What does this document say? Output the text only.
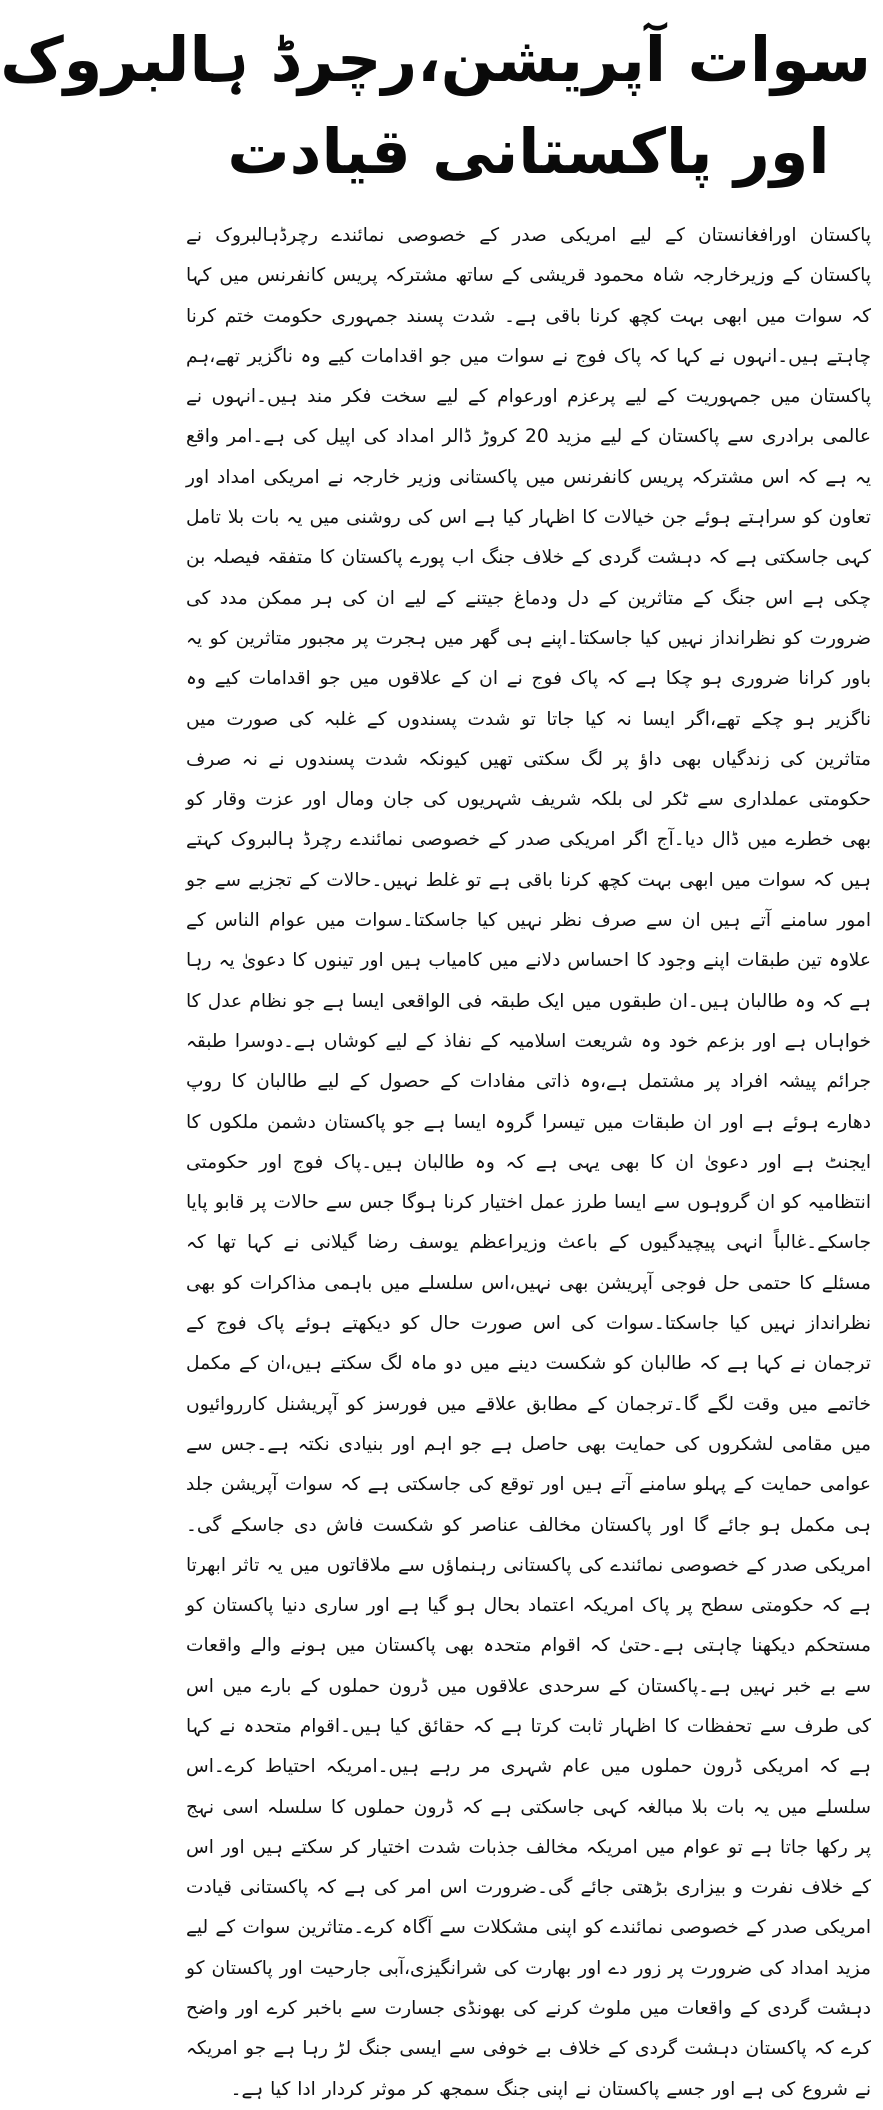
سوات آپریشن،رچرڈ ہالبروک
اور پاکستانی قیادت

پاکستان اورافغانستان کے لیے امریکی صدر کے خصوصی نمائندے رچرڈہالبروک نے پاکستان کے وزیرخارجہ شاہ محمود قریشی کے ساتھ مشترکہ پریس کانفرنس میں کہا کہ سوات میں ابھی بہت کچھ کرنا باقی ہے۔ شدت پسند جمہوری حکومت ختم کرنا چاہتے ہیں۔انہوں نے کہا کہ پاک فوج نے سوات میں جو اقدامات کیے وہ ناگزیر تھے،ہم پاکستان میں جمہوریت کے لیے پرعزم اورعوام کے لیے سخت فکر مند ہیں۔انہوں نے عالمی برادری سے پاکستان کے لیے مزید 20 کروڑ ڈالر امداد کی اپیل کی ہے۔امر واقع یہ ہے کہ اس مشترکہ پریس کانفرنس میں پاکستانی وزیر خارجہ نے امریکی امداد اور تعاون کو سراہتے ہوئے جن خیالات کا اظہار کیا ہے اس کی روشنی میں یہ بات بلا تامل کہی جاسکتی ہے کہ دہشت گردی کے خلاف جنگ اب پورے پاکستان کا متفقہ فیصلہ بن چکی ہے اس جنگ کے متاثرین کے دل ودماغ جیتنے کے لیے ان کی ہر ممکن مدد کی ضرورت کو نظرانداز نہیں کیا جاسکتا۔اپنے ہی گھر میں ہجرت پر مجبور متاثرین کو یہ باور کرانا ضروری ہو چکا ہے کہ پاک فوج نے ان کے علاقوں میں جو اقدامات کیے وہ ناگزیر ہو چکے تھے،اگر ایسا نہ کیا جاتا تو شدت پسندوں کے غلبہ کی صورت میں متاثرین کی زندگیاں بھی داؤ پر لگ سکتی تھیں کیونکہ شدت پسندوں نے نہ صرف حکومتی عملداری سے ٹکر لی بلکہ شریف شہریوں کی جان ومال اور عزت وقار کو بھی خطرے میں ڈال دیا۔آج اگر امریکی صدر کے خصوصی نمائندے رچرڈ ہالبروک کہتے ہیں کہ سوات میں ابھی بہت کچھ کرنا باقی ہے تو غلط نہیں۔حالات کے تجزیے سے جو امور سامنے آتے ہیں ان سے صرف نظر نہیں کیا جاسکتا۔سوات میں عوام الناس کے علاوہ تین طبقات اپنے وجود کا احساس دلانے میں کامیاب ہیں اور تینوں کا دعویٰ یہ رہا ہے کہ وہ طالبان ہیں۔ان طبقوں میں ایک طبقہ فی الواقعی ایسا ہے جو نظام عدل کا خواہاں ہے اور بزعم خود وہ شریعت اسلامیہ کے نفاذ کے لیے کوشاں ہے۔دوسرا طبقہ جرائم پیشہ افراد پر مشتمل ہے،وہ ذاتی مفادات کے حصول کے لیے طالبان کا روپ دھارے ہوئے ہے اور ان طبقات میں تیسرا گروہ ایسا ہے جو پاکستان دشمن ملکوں کا ایجنٹ ہے اور دعویٰ ان کا بھی یہی ہے کہ وہ طالبان ہیں۔پاک فوج اور حکومتی انتظامیہ کو ان گروہوں سے ایسا طرز عمل اختیار کرنا ہوگا جس سے حالات پر قابو پایا جاسکے۔غالباً انہی پیچیدگیوں کے باعث وزیراعظم یوسف رضا گیلانی نے کہا تھا کہ مسئلے کا حتمی حل فوجی آپریشن بھی نہیں،اس سلسلے میں باہمی مذاکرات کو بھی نظرانداز نہیں کیا جاسکتا۔سوات کی اس صورت حال کو دیکھتے ہوئے پاک فوج کے ترجمان نے کہا ہے کہ طالبان کو شکست دینے میں دو ماہ لگ سکتے ہیں،ان کے مکمل خاتمے میں وقت لگے گا۔ترجمان کے مطابق علاقے میں فورسز کو آپریشنل کارروائیوں میں مقامی لشکروں کی حمایت بھی حاصل ہے جو اہم اور بنیادی نکتہ ہے۔جس سے عوامی حمایت کے پہلو سامنے آتے ہیں اور توقع کی جاسکتی ہے کہ سوات آپریشن جلد ہی مکمل ہو جائے گا اور پاکستان مخالف عناصر کو شکست فاش دی جاسکے گی۔امریکی صدر کے خصوصی نمائندے کی پاکستانی رہنماؤں سے ملاقاتوں میں یہ تاثر ابھرتا ہے کہ حکومتی سطح پر پاک امریکہ اعتماد بحال ہو گیا ہے اور ساری دنیا پاکستان کو مستحکم دیکھنا چاہتی ہے۔حتیٰ کہ اقوام متحدہ بھی پاکستان میں ہونے والے واقعات سے بے خبر نہیں ہے۔پاکستان کے سرحدی علاقوں میں ڈرون حملوں کے بارے میں اس کی طرف سے تحفظات کا اظہار ثابت کرتا ہے کہ حقائق کیا ہیں۔اقوام متحدہ نے کہا ہے کہ امریکی ڈرون حملوں میں عام شہری مر رہے ہیں۔امریکہ احتیاط کرے۔اس سلسلے میں یہ بات بلا مبالغہ کہی جاسکتی ہے کہ ڈرون حملوں کا سلسلہ اسی نہج پر رکھا جاتا ہے تو عوام میں امریکہ مخالف جذبات شدت اختیار کر سکتے ہیں اور اس کے خلاف نفرت و بیزاری بڑھتی جائے گی۔ضرورت اس امر کی ہے کہ پاکستانی قیادت امریکی صدر کے خصوصی نمائندے کو اپنی مشکلات سے آگاہ کرے۔متاثرین سوات کے لیے مزید امداد کی ضرورت پر زور دے اور بھارت کی شرانگیزی،آبی جارحیت اور پاکستان کو دہشت گردی کے واقعات میں ملوث کرنے کی بھونڈی جسارت سے باخبر کرے اور واضح کرے کہ پاکستان دہشت گردی کے خلاف بے خوفی سے ایسی جنگ لڑ رہا ہے جو امریکہ نے شروع کی ہے اور جسے پاکستان نے اپنی جنگ سمجھ کر موثر کردار ادا کیا ہے۔
